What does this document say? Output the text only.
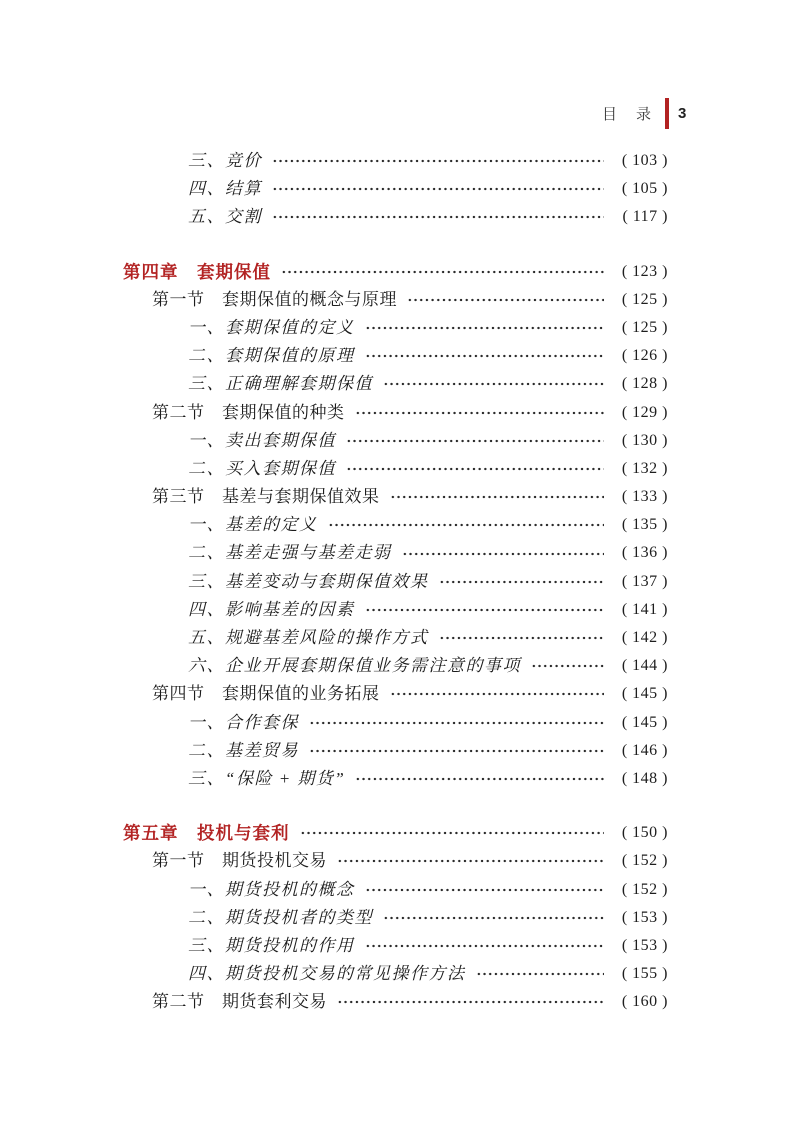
目　录 3
三、竞价	( 103 )
四、结算	( 105 )
五、交割	( 117 )
第四章　套期保值	( 123 )
第一节　套期保值的概念与原理	( 125 )
一、套期保值的定义	( 125 )
二、套期保值的原理	( 126 )
三、正确理解套期保值	( 128 )
第二节　套期保值的种类	( 129 )
一、卖出套期保值	( 130 )
二、买入套期保值	( 132 )
第三节　基差与套期保值效果	( 133 )
一、基差的定义	( 135 )
二、基差走强与基差走弱	( 136 )
三、基差变动与套期保值效果	( 137 )
四、影响基差的因素	( 141 )
五、规避基差风险的操作方式	( 142 )
六、企业开展套期保值业务需注意的事项	( 144 )
第四节　套期保值的业务拓展	( 145 )
一、合作套保	( 145 )
二、基差贸易	( 146 )
三、“保险 + 期货”	( 148 )
第五章　投机与套利	( 150 )
第一节　期货投机交易	( 152 )
一、期货投机的概念	( 152 )
二、期货投机者的类型	( 153 )
三、期货投机的作用	( 153 )
四、期货投机交易的常见操作方法	( 155 )
第二节　期货套利交易	( 160 )
